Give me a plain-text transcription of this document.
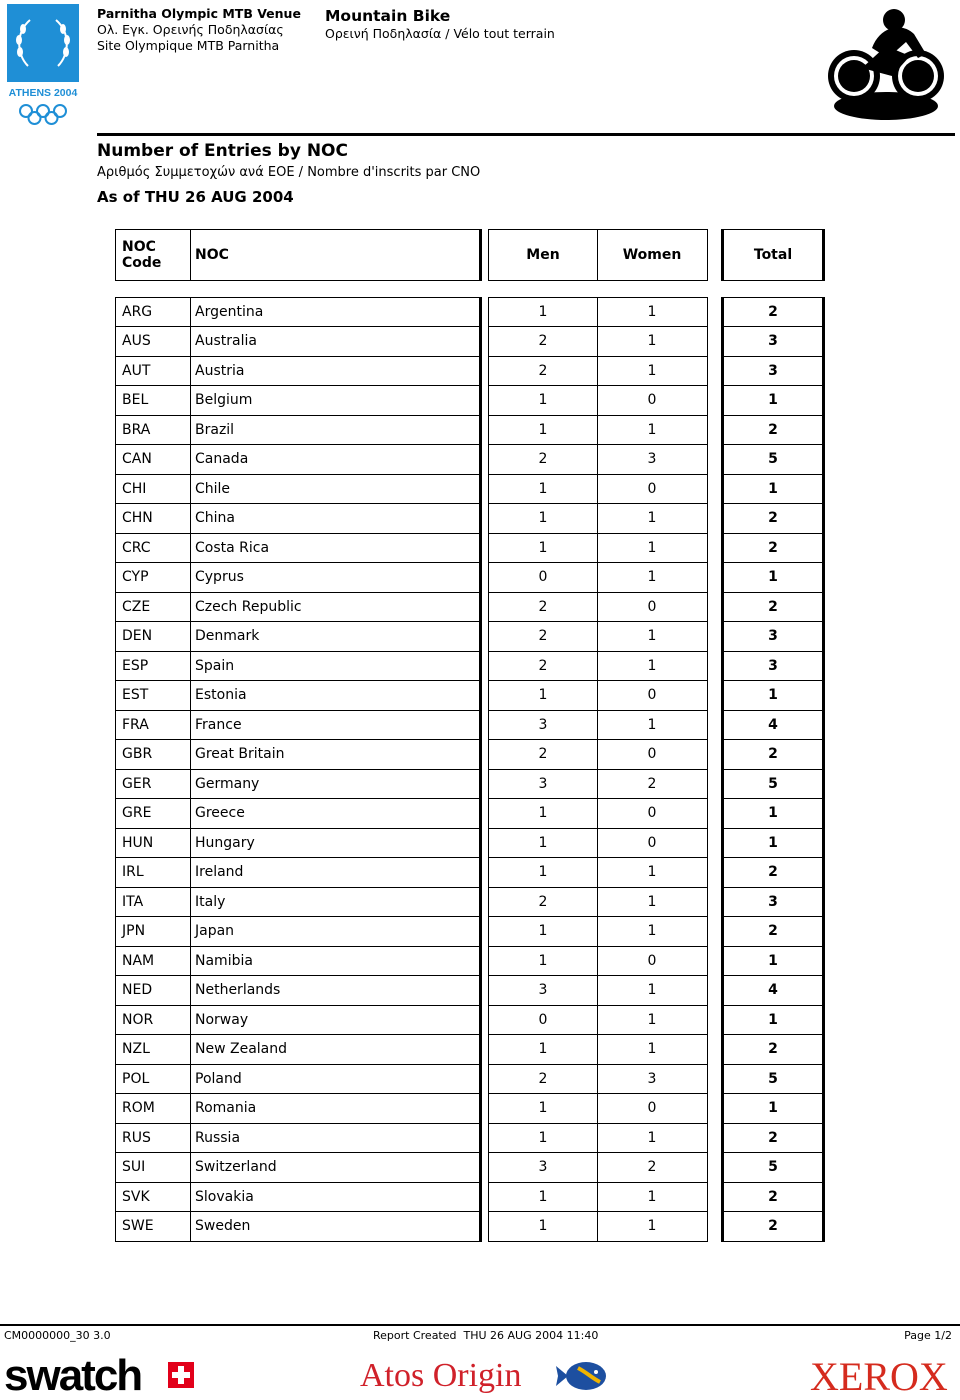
ATHENS 2004
Parnitha Olympic MTB Venue
Ολ. Εγκ. Ορεινής Ποδηλασίας
Site Olympique MTB Parnitha
Mountain Bike
Ορεινή Ποδηλασία / Vélo tout terrain
Number of Entries by NOC
Αριθμός Συμμετοχών ανά ΕΟΕ / Nombre d'inscrits par CNO
As of THU 26 AUG 2004
NOC
Code	NOC	Men	Women	Total
ARG	Argentina	1	1	2
AUS	Australia	2	1	3
AUT	Austria	2	1	3
BEL	Belgium	1	0	1
BRA	Brazil	1	1	2
CAN	Canada	2	3	5
CHI	Chile	1	0	1
CHN	China	1	1	2
CRC	Costa Rica	1	1	2
CYP	Cyprus	0	1	1
CZE	Czech Republic	2	0	2
DEN	Denmark	2	1	3
ESP	Spain	2	1	3
EST	Estonia	1	0	1
FRA	France	3	1	4
GBR	Great Britain	2	0	2
GER	Germany	3	2	5
GRE	Greece	1	0	1
HUN	Hungary	1	0	1
IRL	Ireland	1	1	2
ITA	Italy	2	1	3
JPN	Japan	1	1	2
NAM	Namibia	1	0	1
NED	Netherlands	3	1	4
NOR	Norway	0	1	1
NZL	New Zealand	1	1	2
POL	Poland	2	3	5
ROM	Romania	1	0	1
RUS	Russia	1	1	2
SUI	Switzerland	3	2	5
SVK	Slovakia	1	1	2
SWE	Sweden	1	1	2
CM0000000_30 3.0	Report Created THU 26 AUG 2004 11:40	Page 1/2
swatch	Atos Origin	XEROX
